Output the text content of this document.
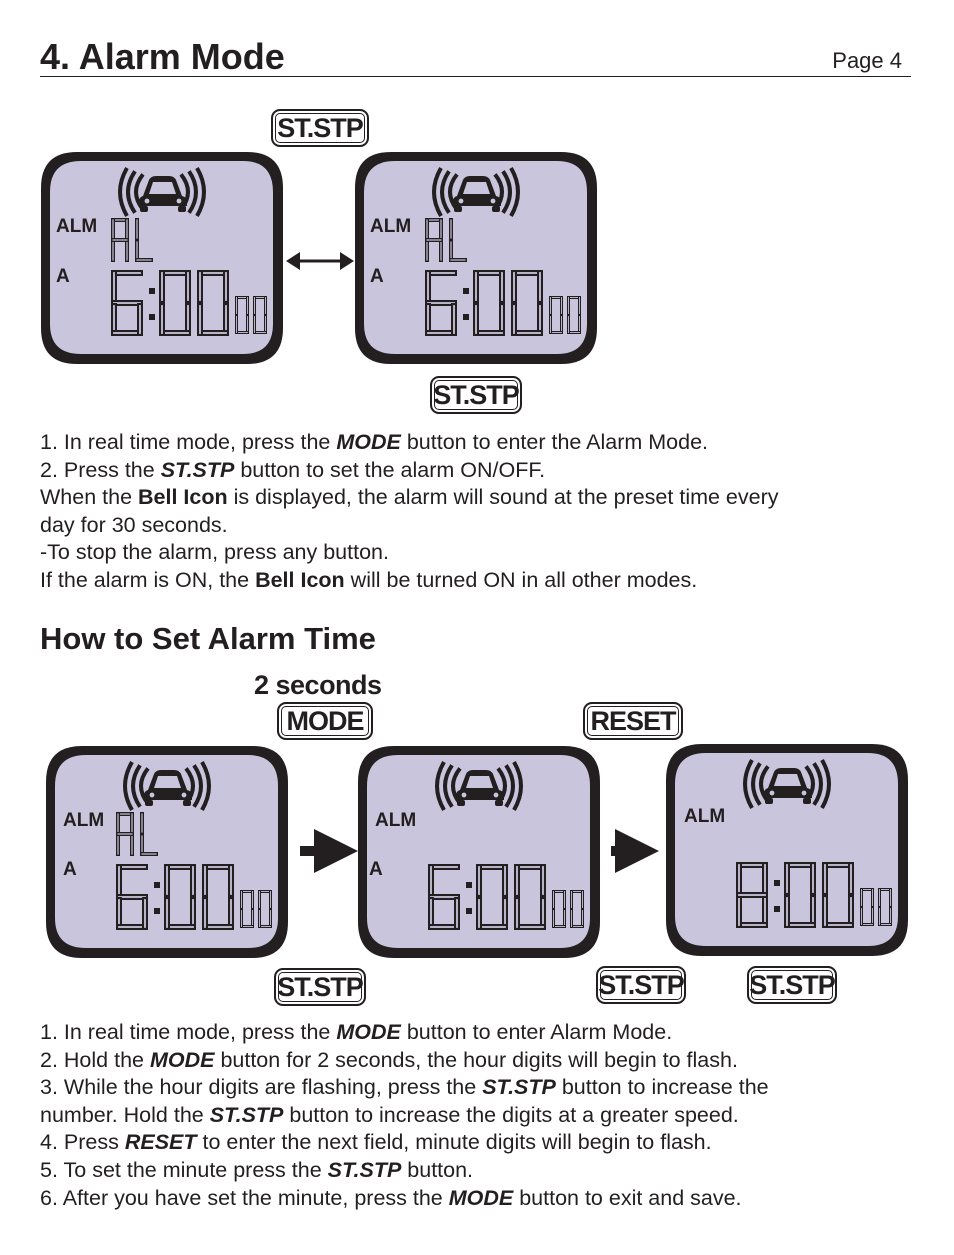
4. Alarm Mode	Page 4
ST.STP
ALM
A
ALM
A
ST.STP

1. In real time mode, press the MODE button to enter the Alarm Mode.

2. Press the ST.STP button to set the alarm ON/OFF.

When the Bell Icon is displayed, the alarm will sound at the preset time every

day for 30 seconds.

-To stop the alarm, press any button.

If the alarm is ON, the Bell Icon will be turned ON in all other modes.

How to Set Alarm Time
2 seconds
MODE	RESET
ALM
A
ALM
A
ALM
ST.STP	ST.STP ST.STP

1. In real time mode, press the MODE button to enter Alarm Mode.

2. Hold the MODE button for 2 seconds, the hour digits will begin to flash.

3. While the hour digits are flashing, press the ST.STP button to increase the

number. Hold the ST.STP button to increase the digits at a greater speed.

4. Press RESET to enter the next field, minute digits will begin to flash.

5. To set the minute press the ST.STP button.

6. After you have set the minute, press the MODE button to exit and save.
